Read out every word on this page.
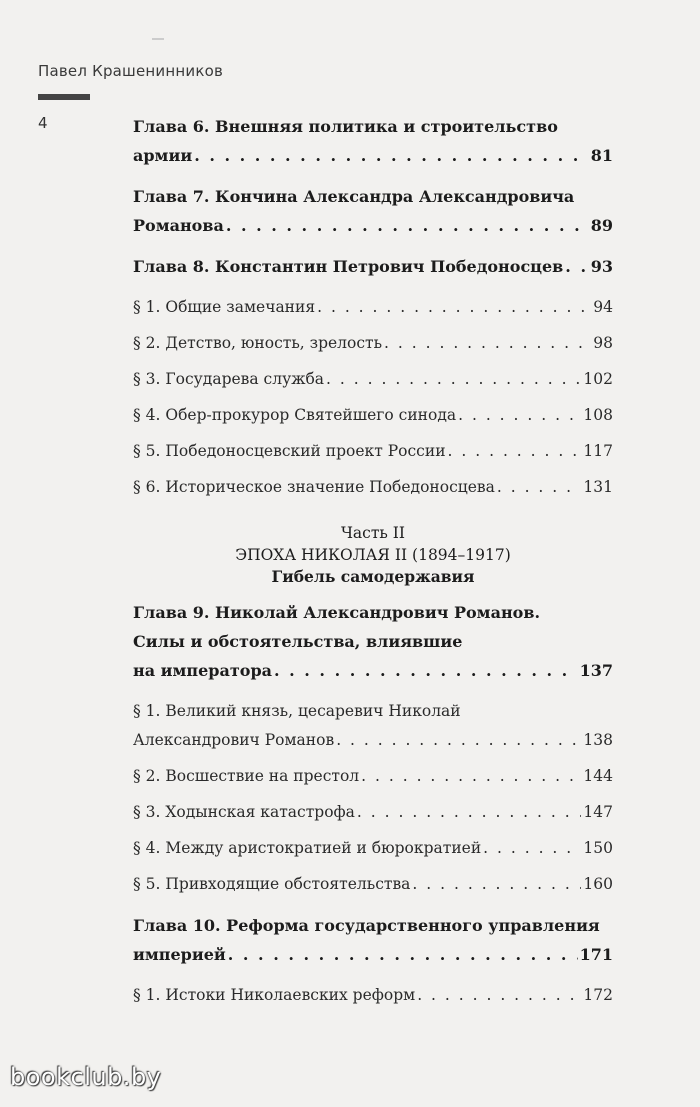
Павел Крашенинников
4	Глава 6. Внешняя политика и строительство
армии . . .	81
Глава 7. Кончина Александра Александровича
Романова . . .	89
Глава 8. Константин Петрович Победоносцев . . . 93
§ 1. Общие замечания . . .	94
§ 2. Детство, юность, зрелость . . .	98
§ 3. Государева служба . . .	102
§ 4. Обер-прокурор Святейшего синода . . .	108
§ 5. Победоносцевский проект России . . .	117
§ 6. Историческое значение Победоносцева . . .	131
Часть II
ЭПОХА НИКОЛАЯ II (1894–1917)
Гибель самодержавия
Глава 9. Николай Александрович Романов.
Силы и обстоятельства, влиявшие
на императора . . .	137
§ 1. Великий князь, цесаревич Николай
Александрович Романов . . .	138
§ 2. Восшествие на престол . . .	144
§ 3. Ходынская катастрофа . . .	147
§ 4. Между аристократией и бюрократией . . .	150
§ 5. Привходящие обстоятельства . . .	160
Глава 10. Реформа государственного управления
империей . . .	171
§ 1. Истоки Николаевских реформ . . .	172
bookclub.by
